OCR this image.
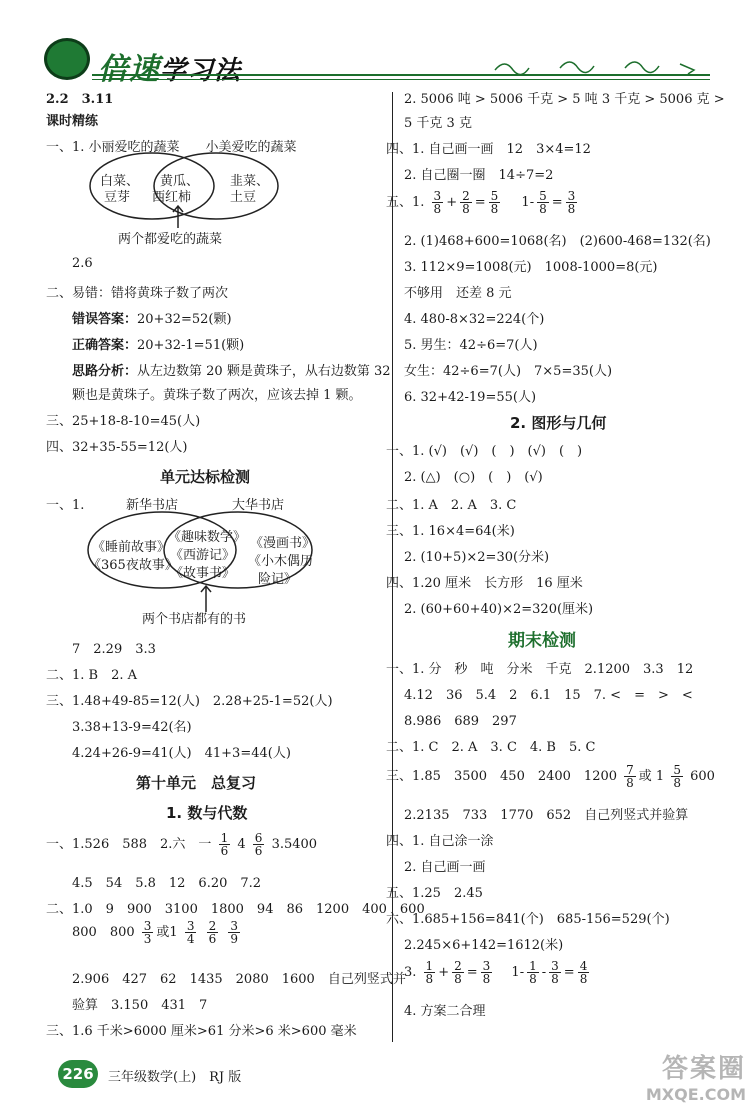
倍速学习法
2.2　3.11
课时精练
一、1. 小丽爱吃的蔬菜　　小美爱吃的蔬菜
白菜、
豆芽
黄瓜、
西红柿
韭菜、
土豆
两个都爱吃的蔬菜
2.6
二、易错：错将黄珠子数了两次
错误答案：20+32=52(颗)
正确答案：20+32-1=51(颗)
思路分析：从左边数第 20 颗是黄珠子，从右边数第 32
颗也是黄珠子。黄珠子数了两次，应该去掉 1 颗。
三、25+18-8-10=45(人)
四、32+35-55=12(人)
单元达标检测
一、1.	新华书店	大华书店
《睡前故事》
《365夜故事》
《趣味数学》
《西游记》
《故事书》
《漫画书》
《小木偶历
险记》
两个书店都有的书
7　2.29　3.3
二、1. B　2. A
三、1.48+49-85=12(人)　2.28+25-1=52(人)
3.38+13-9=42(名)
4.24+26-9=41(人)　41+3=44(人)
第十单元　总复习
1. 数与代数
一、1.526　588　2.六　一 $\frac{1}{6} 4 \frac{6}{6} 3.5400$
4.5　54　5.8　12　6.20　7.2
二、1.0　9　900　3100　1800　94　86　1200　400　600
800　$800 \frac{3}{3}$ 或$1 \frac{3}{4}$
$\frac{2}{6}$
$\frac{3}{9}$
2.906　427　62　1435　2080　1600　自己列竖式并
验算　3.150　431　7
三、1.6 千米>6000 厘米>61 分米>6 米>600 毫米
2. 5006 吨 > 5006 千克 > 5 吨 3 千克 > 5006 克 >
5 千克 3 克
四、1. 自己画一画　12　3×4=12
2. 自己圈一圈　14÷7=2
五、1. $\frac{3}{8} + \frac{2}{8} = \frac{5}{8} 1- \frac{5}{8} = \frac{3}{8}$
2. (1)468+600=1068(名)　(2)600-468=132(名)
3. 112×9=1008(元)　1008-1000=8(元)
不够用　还差 8 元
4. 480-8×32=224(个)
5. 男生：42÷6=7(人)
女生：42÷6=7(人)　7×5=35(人)
6. 32+42-19=55(人)
2. 图形与几何
一、1. (√)　(√)　(　)　(√)　(　)
2. (△)　(○)　(　)　(√)
二、1. A　2. A　3. C
三、1. 16×4=64(米)
2. (10+5)×2=30(分米)
四、1.20 厘米　长方形　16 厘米
2. (60+60+40)×2=320(厘米)
期末检测
一、1. 分　秒　吨　分米　千克　2.1200　3.3　12
4.12　36　5.4　2　6.1　15　7. <　=　>　<
8.986　689　297
二、1. C　2. A　3. C　4. B　5. C
三、1.85　3500　450　2400　$1200 \frac{7}{8}$ 或 $1 \frac{5}{8} 600$
2.2135　733　1770　652　自己列竖式并验算
四、1. 自己涂一涂
2. 自己画一画
五、1.25　2.45
六、1.685+156=841(个)　685-156=529(个)
2.245×6+142=1612(米)
3. $\frac{1}{8} + \frac{2}{8} = \frac{3}{8} 1- \frac{1}{8} - \frac{3}{8} = \frac{4}{8}$
4. 方案二合理
226	三年级数学(上)　RJ 版	答案圈
MXQE.COM
